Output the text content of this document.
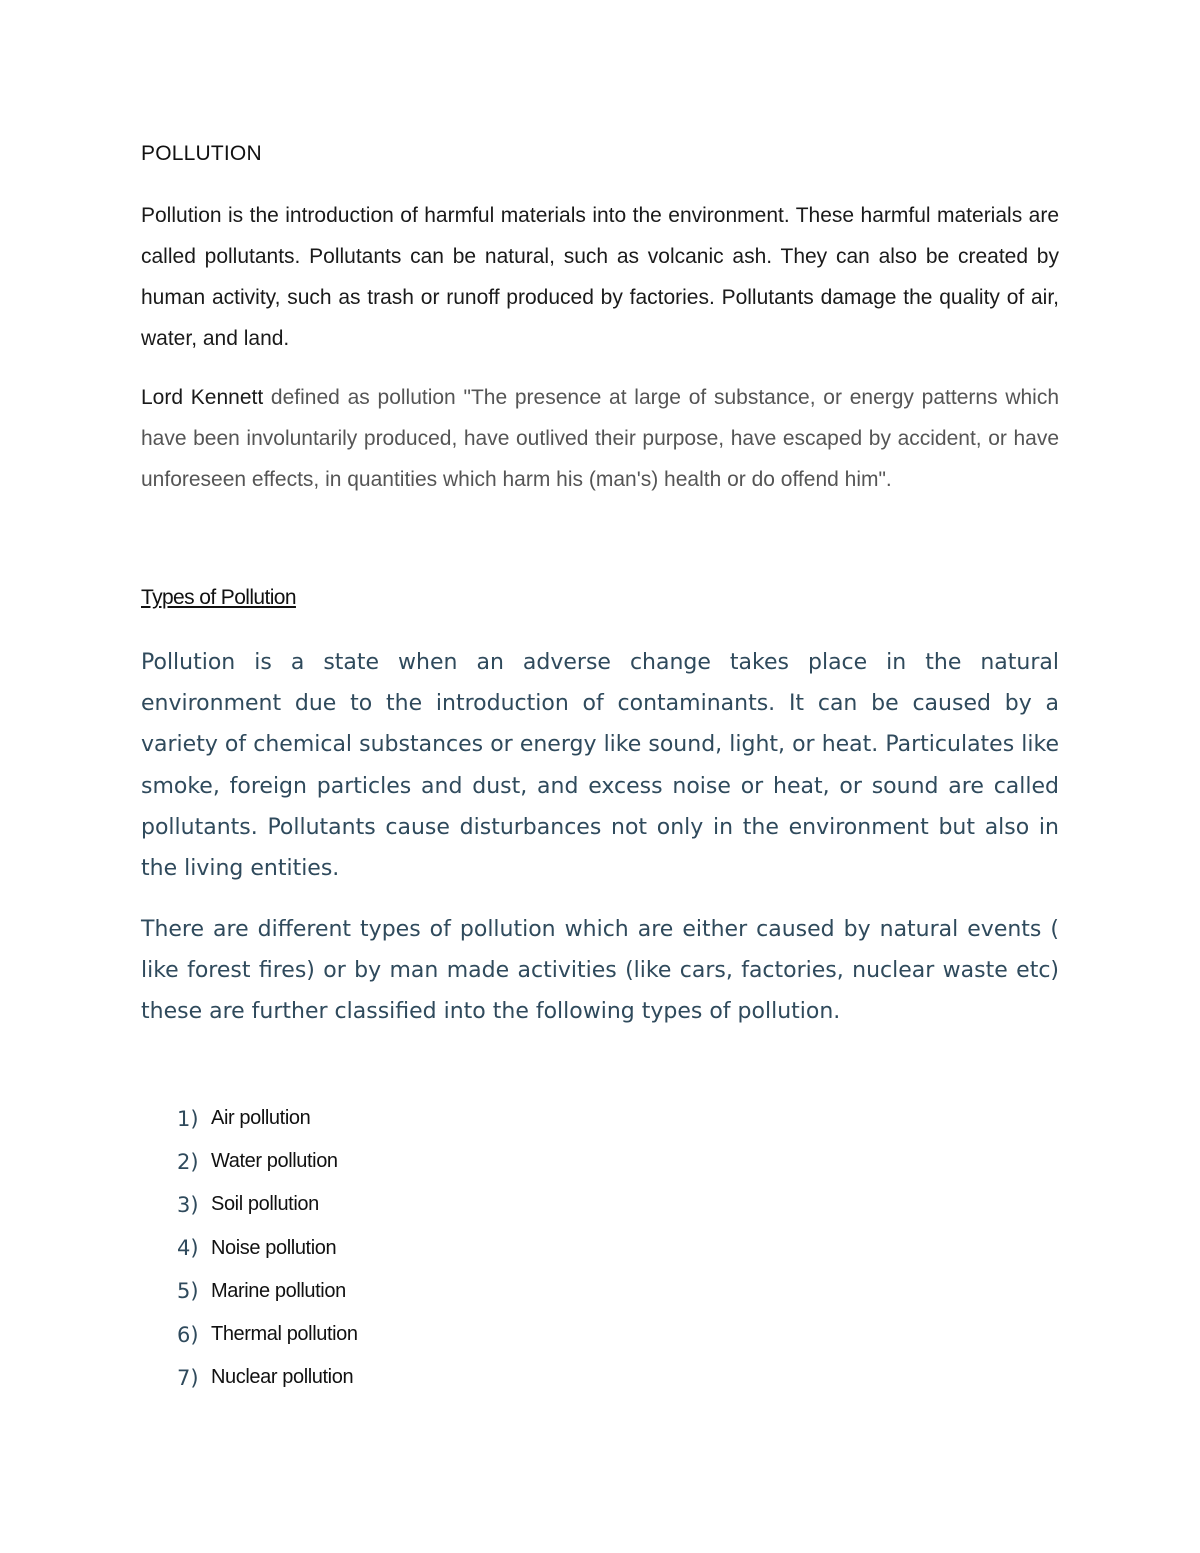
POLLUTION

Pollution is the introduction of harmful materials into the environment. These harmful materials are called pollutants. Pollutants can be natural, such as volcanic ash. They can also be created by human activity, such as trash or runoff produced by factories. Pollutants damage the quality of air, water, and land.

Lord Kennett defined as pollution "The presence at large of substance, or energy patterns which have been involuntarily produced, have outlived their purpose, have escaped by accident, or have unforeseen effects, in quantities which harm his (man's) health or do offend him".

Types of Pollution

Pollution is a state when an adverse change takes place in the natural environment due to the introduction of contaminants. It can be caused by a variety of chemical substances or energy like sound, light, or heat. Particulates like smoke, foreign particles and dust, and excess noise or heat, or sound are called pollutants. Pollutants cause disturbances not only in the environment but also in the living entities.

There are different types of pollution which are either caused by natural events ( like forest fires) or by man made activities (like cars, factories, nuclear waste etc) these are further classified into the following types of pollution.

1) Air pollution
2) Water pollution
3) Soil pollution
4) Noise pollution
5) Marine pollution
6) Thermal pollution
7) Nuclear pollution
